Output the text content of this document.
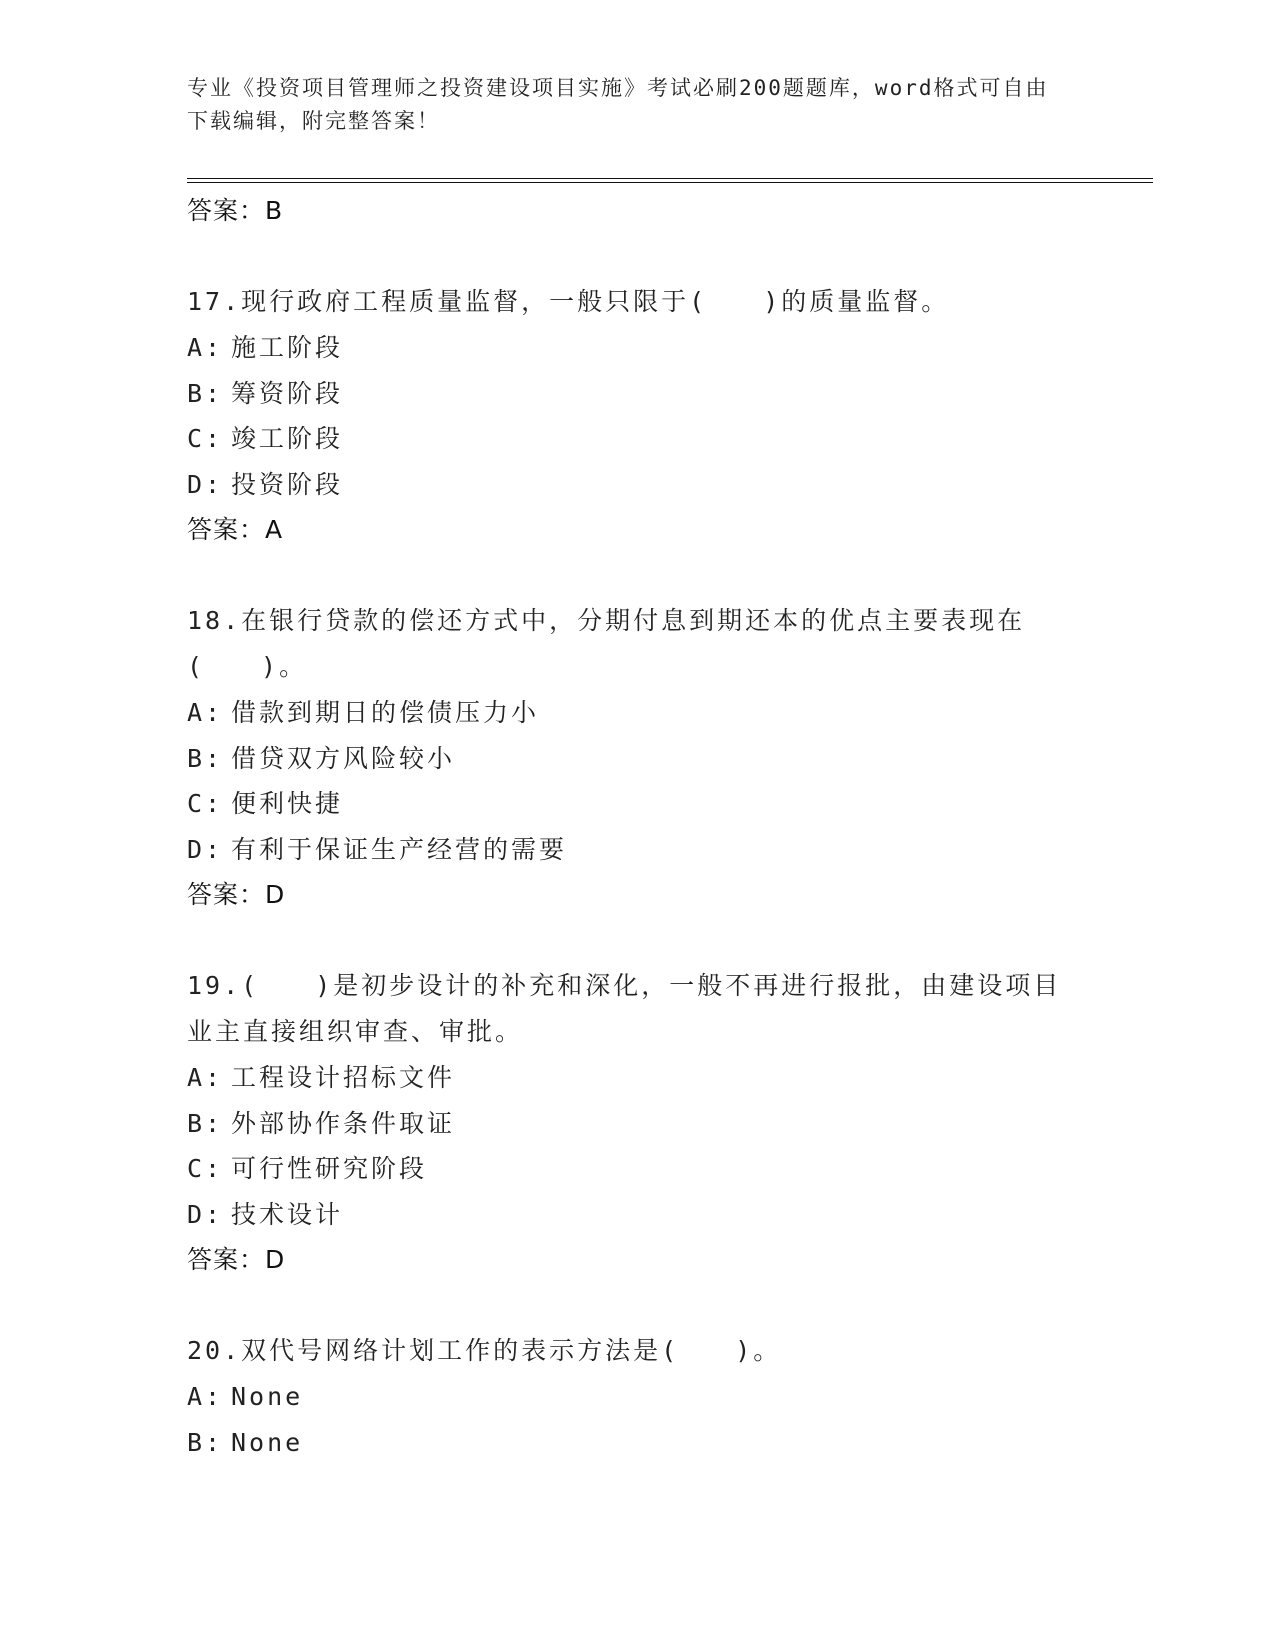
专业《投资项目管理师之投资建设项目实施》考试必刷200题题库，word格式可自由下载编辑，附完整答案！
答案：B
17.现行政府工程质量监督，一般只限于(　　)的质量监督。
A: 施工阶段
B: 筹资阶段
C: 竣工阶段
D: 投资阶段
答案：A
18.在银行贷款的偿还方式中，分期付息到期还本的优点主要表现在(　　)。
A: 借款到期日的偿债压力小
B: 借贷双方风险较小
C: 便利快捷
D: 有利于保证生产经营的需要
答案：D
19.(　　)是初步设计的补充和深化，一般不再进行报批，由建设项目业主直接组织审查、审批。
A: 工程设计招标文件
B: 外部协作条件取证
C: 可行性研究阶段
D: 技术设计
答案：D
20.双代号网络计划工作的表示方法是(　　)。
A: None
B: None
